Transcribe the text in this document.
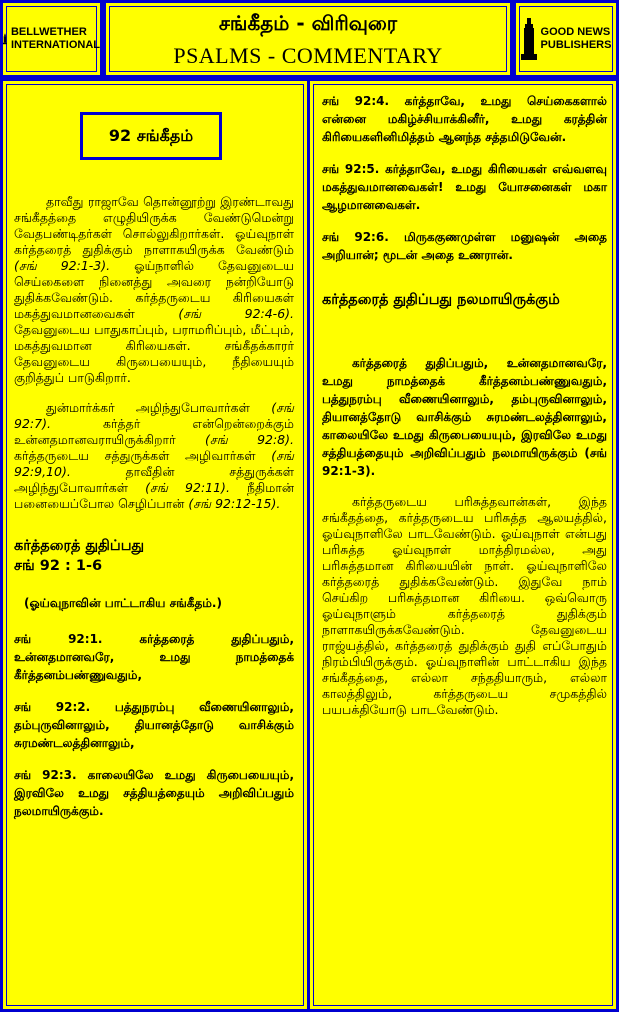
BELLWETHER
INTERNATIONAL
சங்கீதம் - விரிவுரை
PSALMS - COMMENTARY
GOOD NEWS
PUBLISHERS
92 சங்கீதம்

தாவீது ராஜாவே தொன்னூற்று இரண்டாவது சங்கீதத்தை எழுதியிருக்க வேண்டுமென்று வேதபண்டிதர்கள் சொல்லுகிறார்கள். ஓய்வுநாள் கர்த்தரைத் துதிக்கும் நாளாகயிருக்க வேண்டும் (சங் 92:1-3). ஓய்நாளில் தேவனுடைய செய்கைளை நினைத்து அவரை நன்றியோடு துதிக்கவேண்டும். கர்த்தருடைய கிரியைகள் மகத்துவமானவைகள் (சங் 92:4-6). தேவனுடைய பாதுகாப்பும், பராமரிப்பும், மீட்பும், மகத்துவமான கிரியைகள். சங்கீதக்காரர் தேவனுடைய கிருபையையும், நீதியையும் குறித்துப் பாடுகிறார்.

துன்மார்க்கர் அழிந்துபோவார்கள் (சங் 92:7). கர்த்தர் என்றென்றைக்கும் உன்னதமானவராயிருக்கிறார் (சங் 92:8). கர்த்தருடைய சத்துருக்கள் அழிவார்கள் (சங் 92:9,10). தாவீதின் சத்துருக்கள் அழிந்துபோவார்கள் (சங் 92:11). நீதிமான் பனையைப்போல செழிப்பான் (சங் 92:12-15).

கர்த்தரைத் துதிப்பது

சங் 92 : 1-6

(ஓய்வுநாவின் பாட்டாகிய சங்கீதம்.)

சங் 92:1. கர்த்தரைத் துதிப்பதும், உன்னதமானவரே, உமது நாமத்தைக் கீர்த்தனம்பண்ணுவதும்,

சங் 92:2. பத்துநரம்பு வீணையினாலும், தம்புருவினாலும், தியானத்தோடு வாசிக்கும் சுரமண்டலத்தினாலும்,

சங் 92:3. காலையிலே உமது கிருபையையும், இரவிலே உமது சத்தியத்தையும் அறிவிப்பதும் நலமாயிருக்கும்.

சங் 92:4. கர்த்தாவே, உமது செய்கைகளால் என்னை மகிழ்ச்சியாக்கினீர், உமது கரத்தின் கிரியைகளினிமித்தம் ஆனந்த சத்தமிடுவேன்.

சங் 92:5. கர்த்தாவே, உமது கிரியைகள் எவ்வளவு மகத்துவமானவைகள்! உமது யோசனைகள் மகா ஆழமானவைகள்.

சங் 92:6. மிருககுணமுள்ள மனுஷன் அதை அறியான்; மூடன் அதை உணரான்.

கர்த்தரைத் துதிப்பது நலமாயிருக்கும்

கர்த்தரைத் துதிப்பதும், உன்னதமானவரே, உமது நாமத்தைக் கீர்த்தனம்பண்ணுவதும், பத்துநரம்பு வீணையினாலும், தம்புருவினாலும், தியானத்தோடு வாசிக்கும் சுரமண்டலத்தினாலும், காலையிலே உமது கிருபையையும், இரவிலே உமது சத்தியத்தையும் அறிவிப்பதும் நலமாயிருக்கும் (சங் 92:1-3).

கர்த்தருடைய பரிசுத்தவான்கள், இந்த சங்கீதத்தை, கர்த்தருடைய பரிசுத்த ஆலயத்தில், ஓய்வுநாளிலே பாடவேண்டும். ஓய்வுநாள் என்பது பரிசுத்த ஓய்வுநாள் மாத்திரமல்ல, அது பரிசுத்தமான கிரியையின் நாள். ஓய்வுநாளிலே கர்த்தரைத் துதிக்கவேண்டும். இதுவே நாம் செய்கிற பரிசுத்தமான கிரியை. ஒவ்வொரு ஓய்வுநாளும் கர்த்தரைத் துதிக்கும் நாளாகயிருக்கவேண்டும். தேவனுடைய ராஜ்யத்தில், கர்த்தரைத் துதிக்கும் துதி எப்போதும் நிரம்பியிருக்கும். ஓய்வுநாளின் பாட்டாகிய இந்த சங்கீதத்தை, எல்லா சந்ததியாரும், எல்லா காலத்திலும், கர்த்தருடைய சமுகத்தில் பயபக்தியோடு பாடவேண்டும்.
